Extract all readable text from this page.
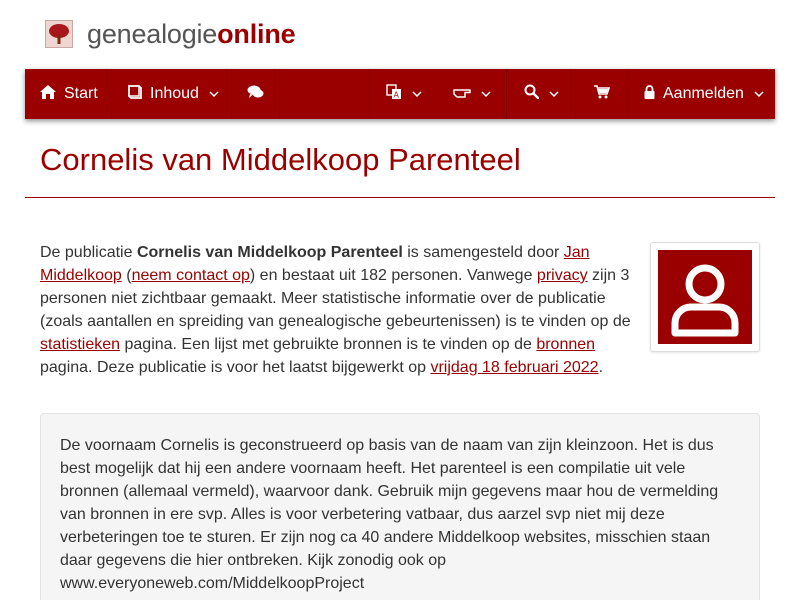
genealogieonline
Start	Inhoud	A	Aanmelden
Cornelis van Middelkoop Parenteel

De publicatie Cornelis van Middelkoop Parenteel is samengesteld door Jan Middelkoop (neem contact op) en bestaat uit 182 personen. Vanwege privacy zijn 3 personen niet zichtbaar gemaakt. Meer statistische informatie over de publicatie (zoals aantallen en spreiding van genealogische gebeurtenissen) is te vinden op de statistieken pagina. Een lijst met gebruikte bronnen is te vinden op de bronnen pagina. Deze publicatie is voor het laatst bijgewerkt op vrijdag 18 februari 2022.

De voornaam Cornelis is geconstrueerd op basis van de naam van zijn kleinzoon. Het is dus best mogelijk dat hij een andere voornaam heeft. Het parenteel is een compilatie uit vele bronnen (allemaal vermeld), waarvoor dank. Gebruik mijn gegevens maar hou de vermelding van bronnen in ere svp. Alles is voor verbetering vatbaar, dus aarzel svp niet mij deze verbeteringen toe te sturen. Er zijn nog ca 40 andere Middelkoop websites, misschien staan daar gegevens die hier ontbreken. Kijk zonodig ook op www.everyoneweb.com/MiddelkoopProject
